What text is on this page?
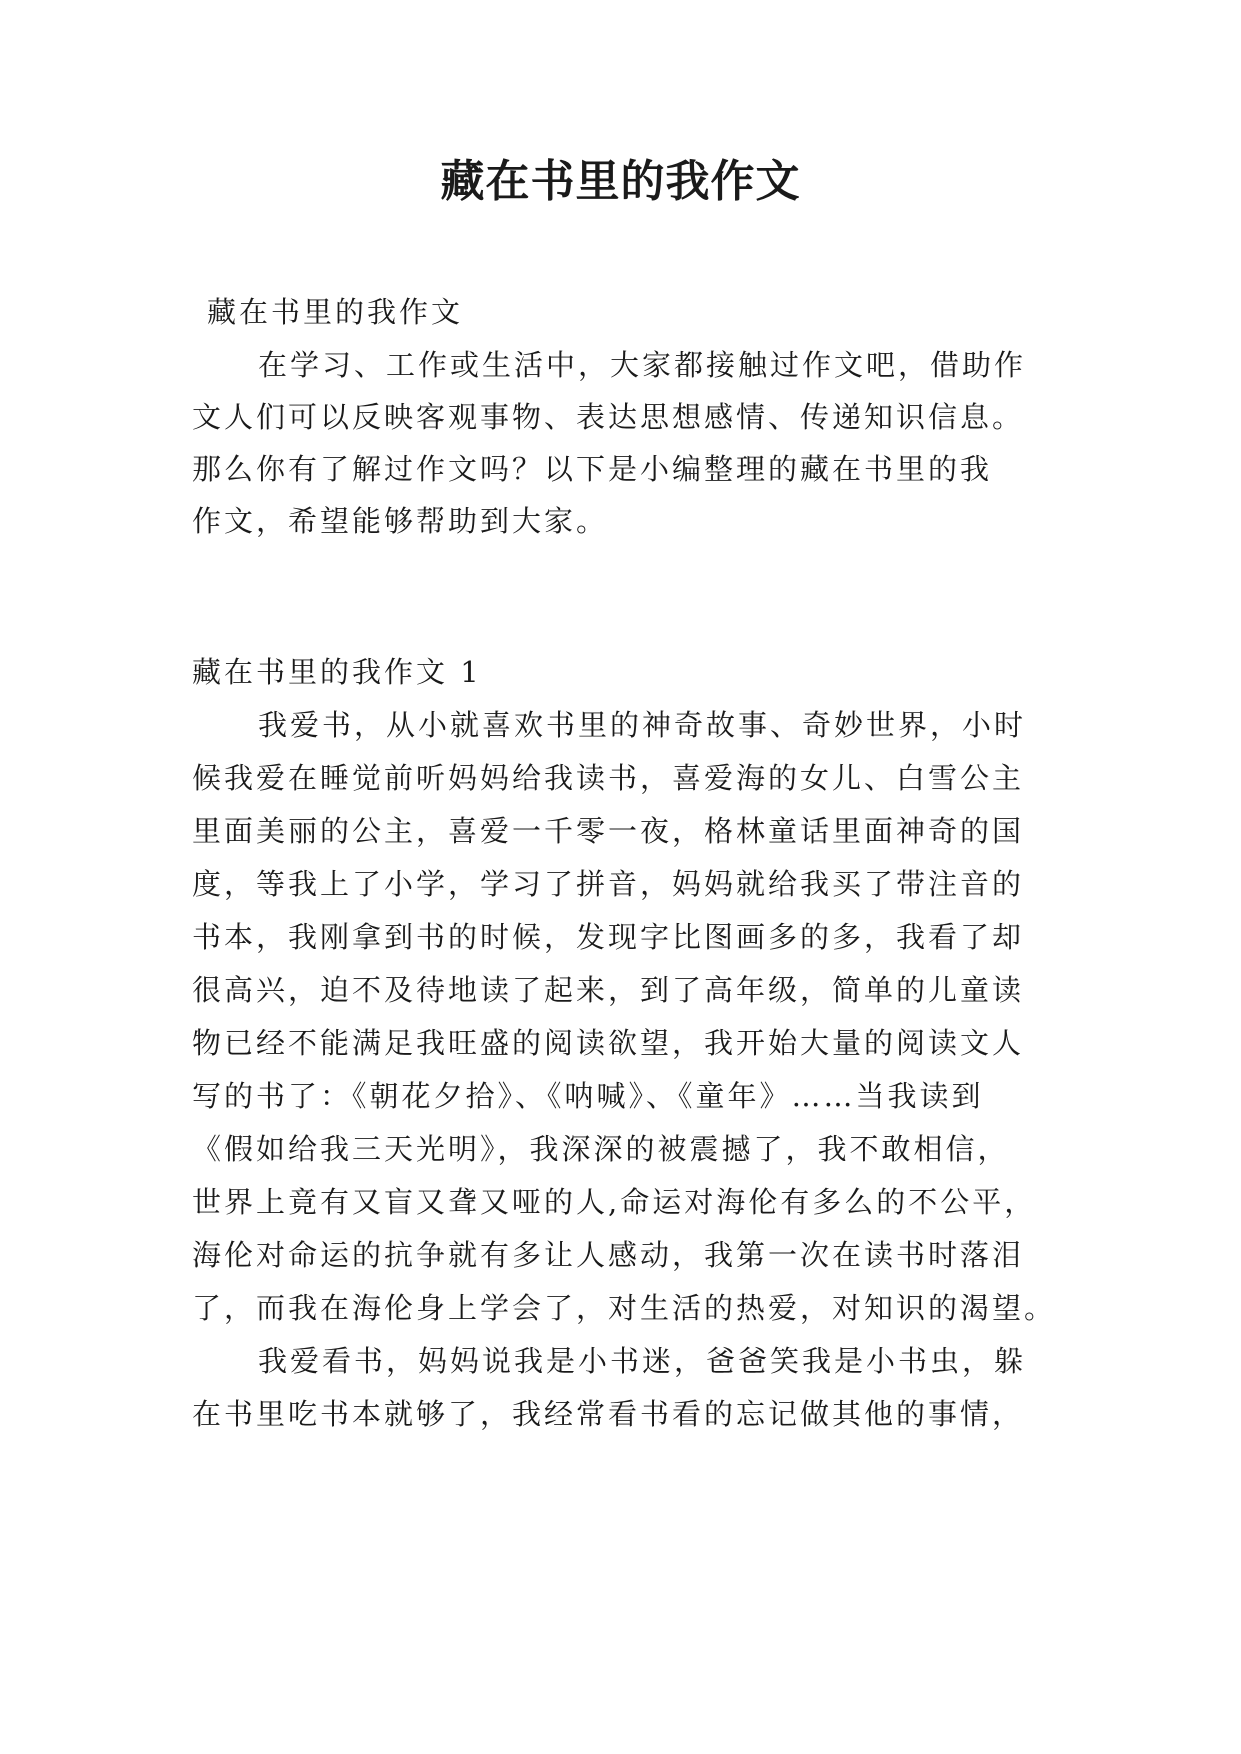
藏在书里的我作文

藏在书里的我作文

在学习、工作或生活中，大家都接触过作文吧，借助作

文人们可以反映客观事物、表达思想感情、传递知识信息。

那么你有了解过作文吗？以下是小编整理的藏在书里的我

作文，希望能够帮助到大家。

藏在书里的我作文 1

我爱书，从小就喜欢书里的神奇故事、奇妙世界，小时

候我爱在睡觉前听妈妈给我读书，喜爱海的女儿、白雪公主

里面美丽的公主，喜爱一千零一夜，格林童话里面神奇的国

度，等我上了小学，学习了拼音，妈妈就给我买了带注音的

书本，我刚拿到书的时候，发现字比图画多的多，我看了却

很高兴，迫不及待地读了起来，到了高年级，简单的儿童读

物已经不能满足我旺盛的阅读欲望，我开始大量的阅读文人

写的书了：《朝花夕拾》、《呐喊》、《童年》……当我读到

《假如给我三天光明》，我深深的被震撼了，我不敢相信，

世界上竟有又盲又聋又哑的人,命运对海伦有多么的不公平，

海伦对命运的抗争就有多让人感动，我第一次在读书时落泪

了，而我在海伦身上学会了，对生活的热爱，对知识的渴望。

我爱看书，妈妈说我是小书迷，爸爸笑我是小书虫，躲

在书里吃书本就够了，我经常看书看的忘记做其他的事情，
